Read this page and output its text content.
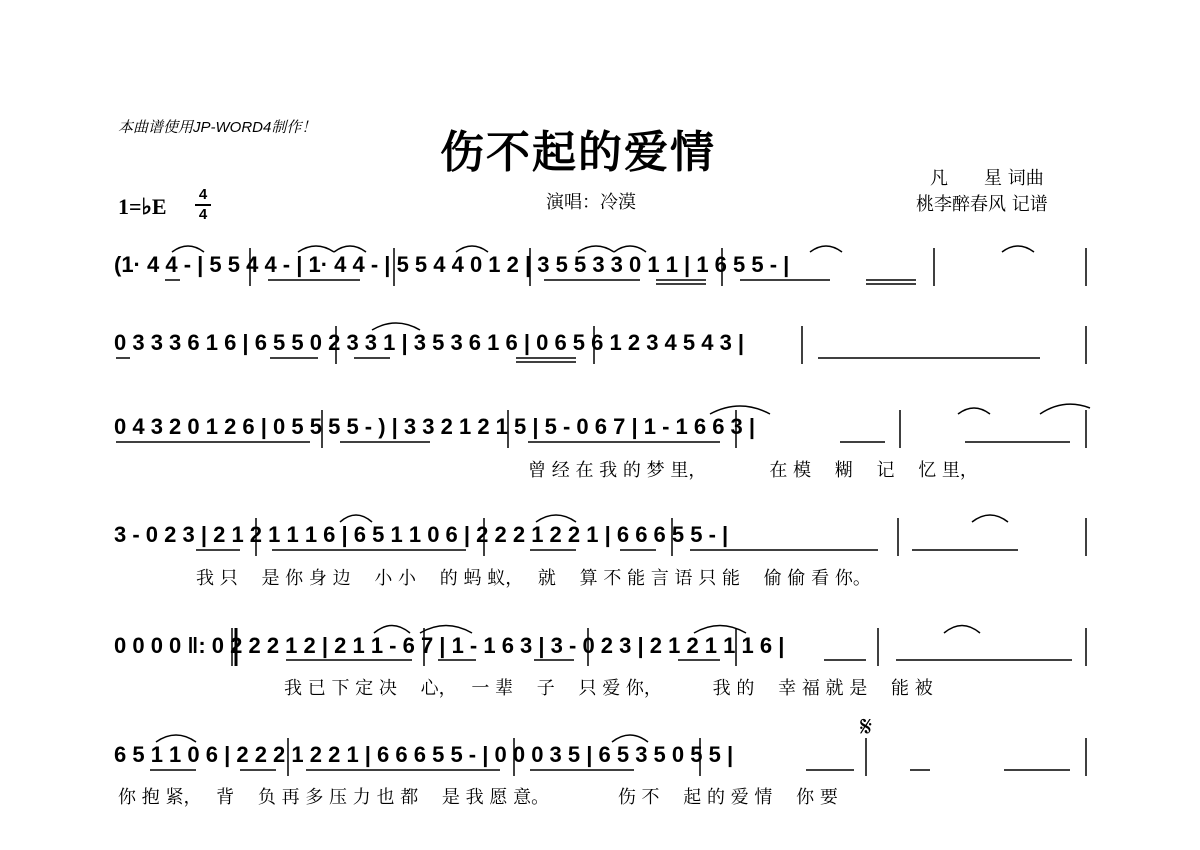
本曲谱使用JP-WORD4制作！	伤不起的爱情
1=♭E 4
4
演唱：冷漠
凡　　星 词曲
桃李醉春风 记谱
(1· 4 4 - | 5 5 4 4 - | 1· 4 4 - | 5 5 4 4 0 1 2 | 3 5 5 3 3 0 1 1 | 1 6 5 5 - |
0 3 3 3 6 1 6 | 6 5 5 0 2 3 3 1 | 3 5 3 6 1 6 | 0 6 5 6 1 2 3 4 5 4 3 |
0 4 3 2 0 1 2 6 | 0 5 5 5 5 - ) | 3 3 2 1 2 1 5 | 5 - 0 6 7 | 1 - 1 6 6 3 |
曾 经 在 我 的 梦 里，　　　　在 模　 糊　 记　 忆 里，
3 - 0 2 3 | 2 1 2 1 1 1 6 | 6 5 1 1 0 6 | 2 2 2 1 2 2 1 | 6 6 6 5 5 - |
我 只　 是 你 身 边　 小 小　 的 蚂 蚁，　 就　 算 不 能 言 语 只 能　 偷 偷 看 你。
0 0 0 0 ‖: 0 2 2 2 1 2 | 2 1 1 - 6 7 | 1 - 1 6 3 | 3 - 0 2 3 | 2 1 2 1 1 1 6 |
我 已 下 定 决　 心，　 一 辈　 子　 只 爱 你，　　　 我 的　 幸 福 就 是　 能 被
𝄋
6 5 1 1 0 6 | 2 2 2 1 2 2 1 | 6 6 6 5 5 - | 0 0 0 3 5 | 6 5 3 5 0 5 5 |
你 抱 紧，　 背　 负 再 多 压 力 也 都　 是 我 愿 意。　　　　 伤 不　 起 的 爱 情　 你 要
